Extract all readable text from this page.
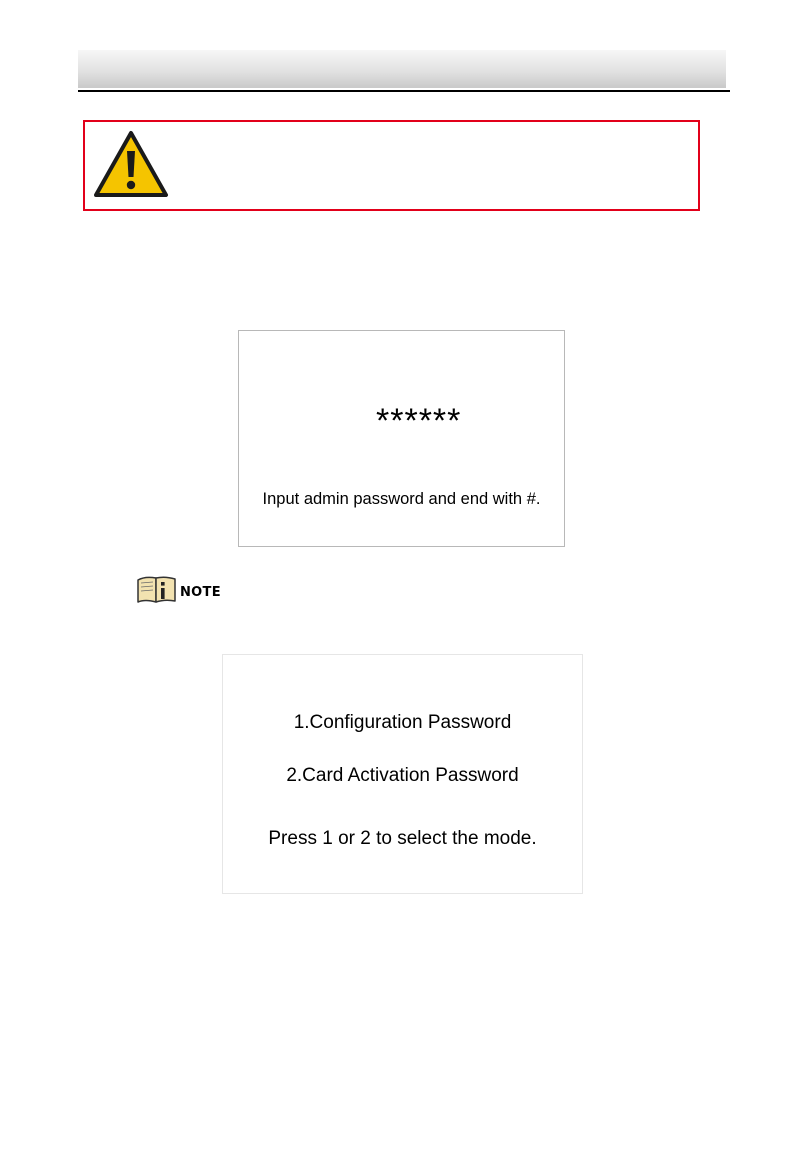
******
Input admin password and end with #.
NOTE
1.Configuration Password
2.Card Activation Password
Press 1 or 2 to select the mode.
